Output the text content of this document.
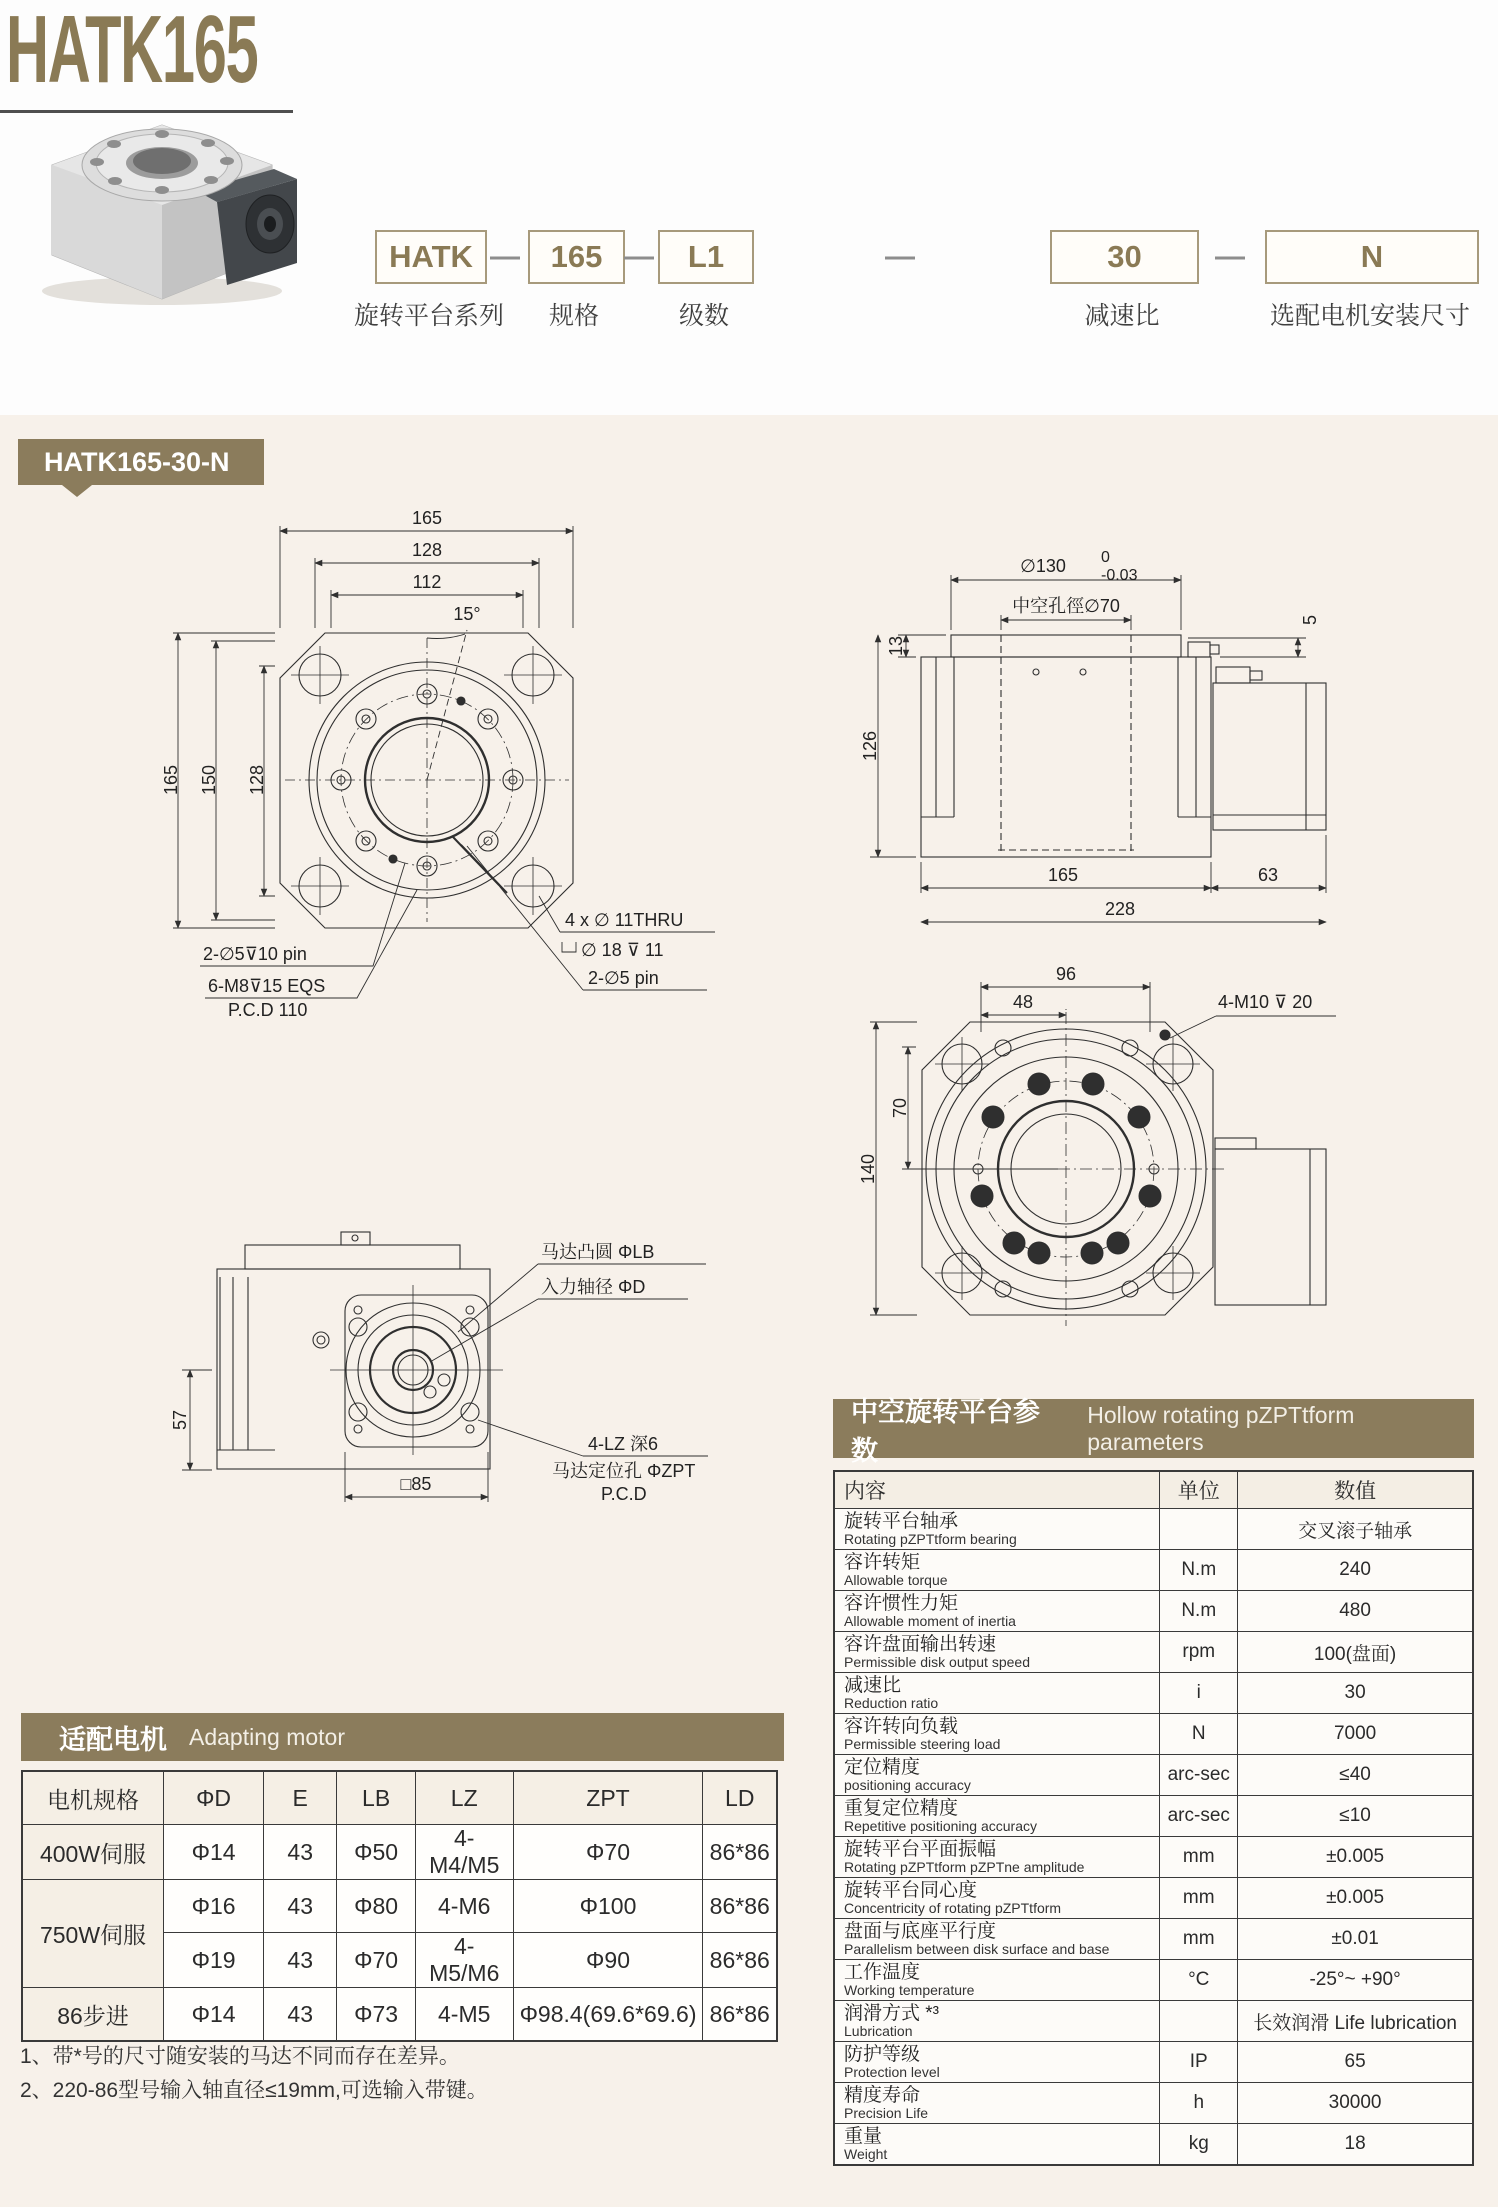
HATK165
HATK	165	L1	30	N
—	—	—	—
旋转平台系列	规格	级数	减速比	选配电机安装尺寸
HATK165-30-N
165
128
112
15°
165 150 128
2-∅5⊽10 pin
6-M8⊽15 EQS
P.C.D 110
4 x ∅ 11THRU
∅ 18 ⊽ 11
2-∅5 pin
∅130 0
-0.03
中空孔徑∅70
13
126
5
165	63
228
96
48	4-M10 ⊽ 20
140
70
马达凸圆 ΦLB
入力轴径 ΦD
57
□85
4-LZ 深6
马达定位孔 ΦZPT
P.C.D
中空旋转平台参数
Hollow rotating pZPTtform parameters
内容	单位	数值

旋转平台轴承
Rotating pZPTtform bearing		交叉滚子轴承

容许转矩
Allowable torque	N.m	240

容许惯性力矩
Allowable moment of inertia	N.m	480

容许盘面输出转速
Permissible disk output speed	rpm	100(盘面)

减速比
Reduction ratio	i	30

容许转向负载
Permissible steering load	N	7000

定位精度
positioning accuracy	arc-sec	≤40

重复定位精度
Repetitive positioning accuracy	arc-sec	≤10

旋转平台平面振幅
Rotating pZPTtform pZPTne amplitude	mm	±0.005

旋转平台同心度
Concentricity of rotating pZPTtform	mm	±0.005

盘面与底座平行度
Parallelism between disk surface and base	mm	±0.01

工作温度
Working temperature	°C	-25°~ +90°

润滑方式 *³
Lubrication		长效润滑 Life lubrication

防护等级
Protection level	IP	65

精度寿命
Precision Life	h	30000

重量
Weight	kg	18
适配电机 Adapting motor
电机规格	ΦD	E	LB	LZ	ZPT	LD
400W伺服	Φ14	43	Φ50	4-M4/M5	Φ70	86*86
750W伺服	Φ16	43	Φ80	4-M6	Φ100	86*86
	Φ19	43	Φ70	4-M5/M6	Φ90	86*86
86步进	Φ14	43	Φ73	4-M5	Φ98.4(69.6*69.6)	86*86
1、带*号的尺寸随安装的马达不同而存在差异。
2、220-86型号输入轴直径≤19mm,可选输入带键。
